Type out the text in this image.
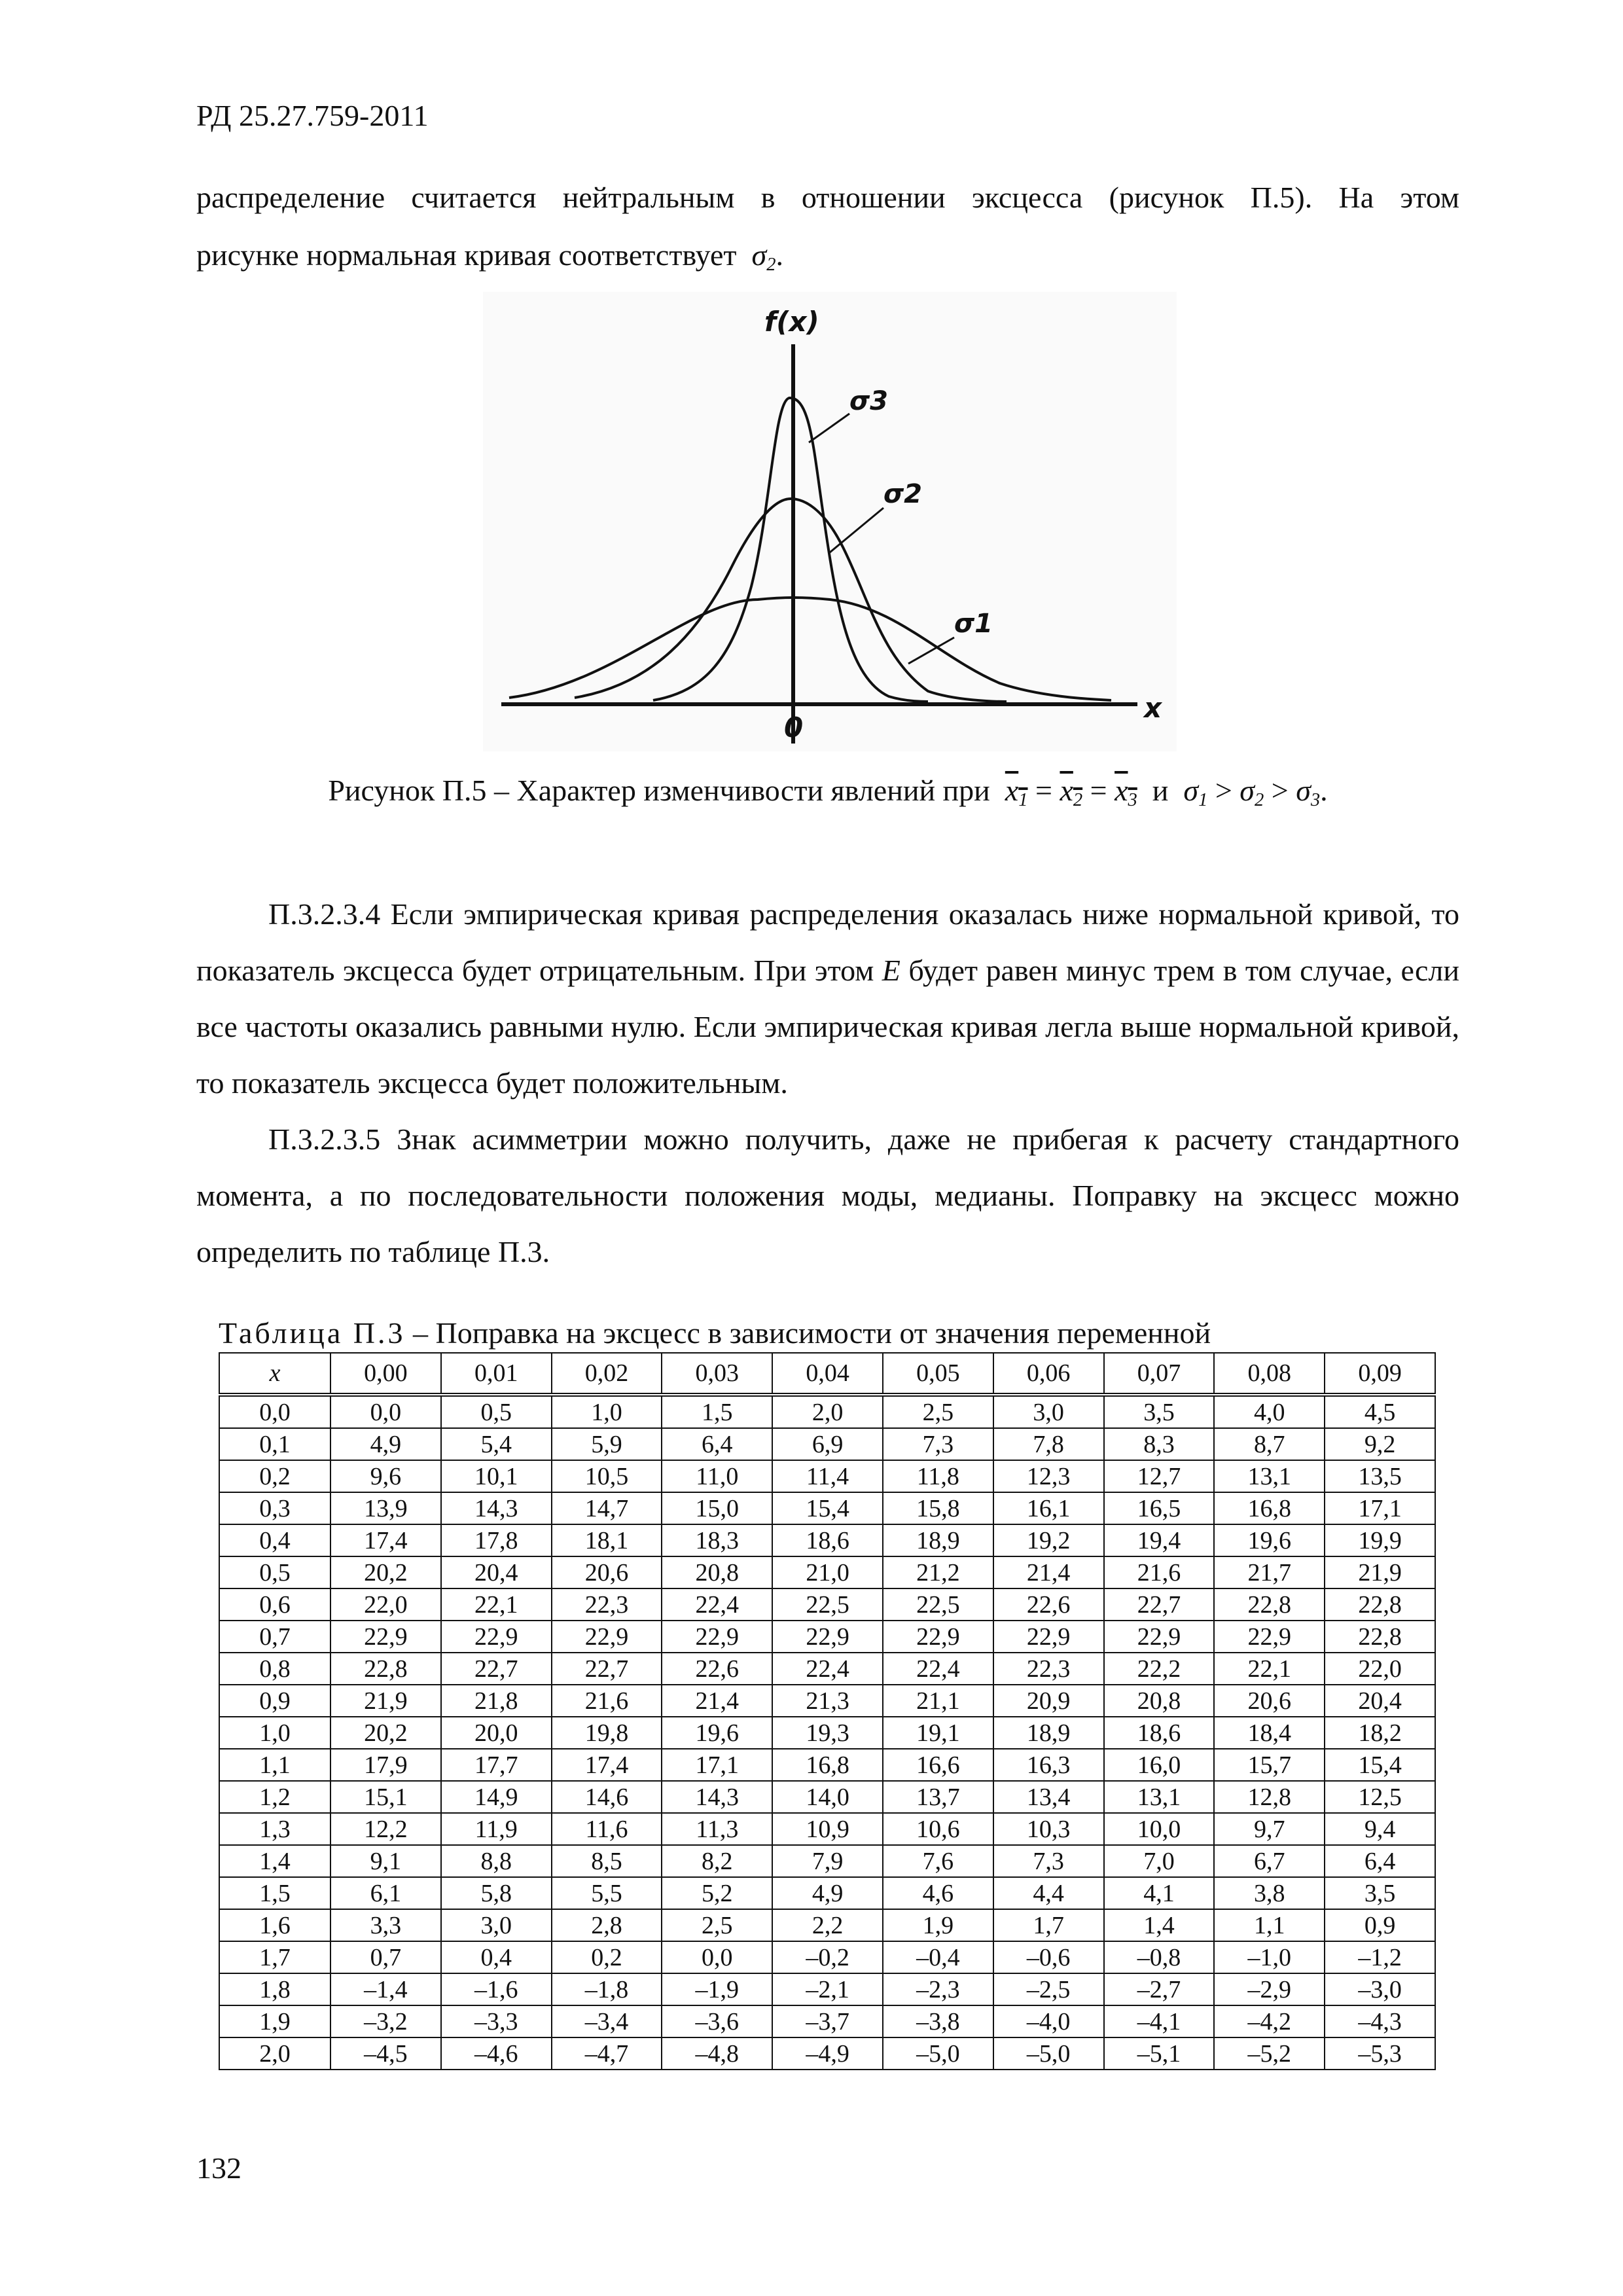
РД 25.27.759-2011

распределение считается нейтральным в отношении эксцесса (рисунок П.5). На этом

рисунке нормальная кривая соответствует $\sigma_2$.

f(x)
x
0
σ3
σ2
σ1
Рисунок П.5 – Характер изменчивости явлений при $x_1 = x_2 = x_3$ и $\sigma_1 > \sigma_2 > \sigma_3$.

П.3.2.3.4 Если эмпирическая кривая распределения оказалась ниже нормальной кривой, то показатель эксцесса будет отрицательным. При этом E будет равен минус трем в том случае, если все частоты оказались равными нулю. Если эмпирическая кривая легла выше нормальной кривой, то показатель эксцесса будет положительным.

П.3.2.3.5 Знак асимметрии можно получить, даже не прибегая к расчету стандартного момента, а по последовательности положения моды, медианы. Поправку на эксцесс можно определить по таблице П.3.

Таблица П.3 – Поправка на эксцесс в зависимости от значения переменной
x	0,00	0,01	0,02	0,03	0,04	0,05	0,06	0,07	0,08	0,09
0,0	0,0	0,5	1,0	1,5	2,0	2,5	3,0	3,5	4,0	4,5
0,1	4,9	5,4	5,9	6,4	6,9	7,3	7,8	8,3	8,7	9,2
0,2	9,6	10,1	10,5	11,0	11,4	11,8	12,3	12,7	13,1	13,5
0,3	13,9	14,3	14,7	15,0	15,4	15,8	16,1	16,5	16,8	17,1
0,4	17,4	17,8	18,1	18,3	18,6	18,9	19,2	19,4	19,6	19,9
0,5	20,2	20,4	20,6	20,8	21,0	21,2	21,4	21,6	21,7	21,9
0,6	22,0	22,1	22,3	22,4	22,5	22,5	22,6	22,7	22,8	22,8
0,7	22,9	22,9	22,9	22,9	22,9	22,9	22,9	22,9	22,9	22,8
0,8	22,8	22,7	22,7	22,6	22,4	22,4	22,3	22,2	22,1	22,0
0,9	21,9	21,8	21,6	21,4	21,3	21,1	20,9	20,8	20,6	20,4
1,0	20,2	20,0	19,8	19,6	19,3	19,1	18,9	18,6	18,4	18,2
1,1	17,9	17,7	17,4	17,1	16,8	16,6	16,3	16,0	15,7	15,4
1,2	15,1	14,9	14,6	14,3	14,0	13,7	13,4	13,1	12,8	12,5
1,3	12,2	11,9	11,6	11,3	10,9	10,6	10,3	10,0	9,7	9,4
1,4	9,1	8,8	8,5	8,2	7,9	7,6	7,3	7,0	6,7	6,4
1,5	6,1	5,8	5,5	5,2	4,9	4,6	4,4	4,1	3,8	3,5
1,6	3,3	3,0	2,8	2,5	2,2	1,9	1,7	1,4	1,1	0,9
1,7	0,7	0,4	0,2	0,0	–0,2	–0,4	–0,6	–0,8	–1,0	–1,2
1,8	–1,4	–1,6	–1,8	–1,9	–2,1	–2,3	–2,5	–2,7	–2,9	–3,0
1,9	–3,2	–3,3	–3,4	–3,6	–3,7	–3,8	–4,0	–4,1	–4,2	–4,3
2,0	–4,5	–4,6	–4,7	–4,8	–4,9	–5,0	–5,0	–5,1	–5,2	–5,3
132
